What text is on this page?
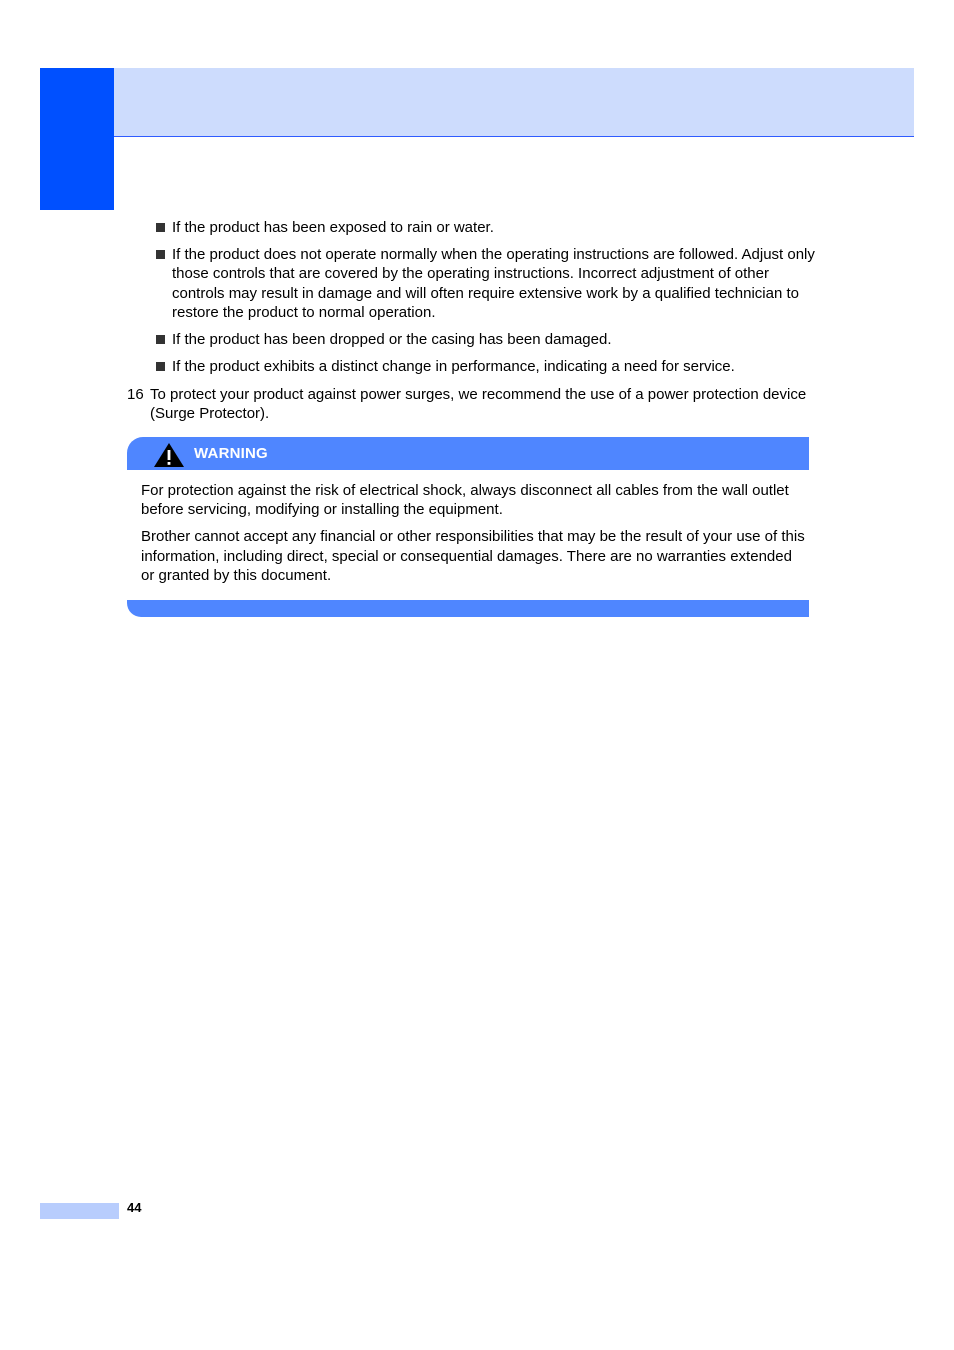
If the product has been exposed to rain or water.
If the product does not operate normally when the operating instructions are followed. Adjust only those controls that are covered by the operating instructions. Incorrect adjustment of other controls may result in damage and will often require extensive work by a qualified technician to restore the product to normal operation.
If the product has been dropped or the casing has been damaged.
If the product exhibits a distinct change in performance, indicating a need for service.
16 To protect your product against power surges, we recommend the use of a power protection device (Surge Protector).
WARNING

For protection against the risk of electrical shock, always disconnect all cables from the wall outlet before servicing, modifying or installing the equipment.

Brother cannot accept any financial or other responsibilities that may be the result of your use of this information, including direct, special or consequential damages. There are no warranties extended or granted by this document.

44
